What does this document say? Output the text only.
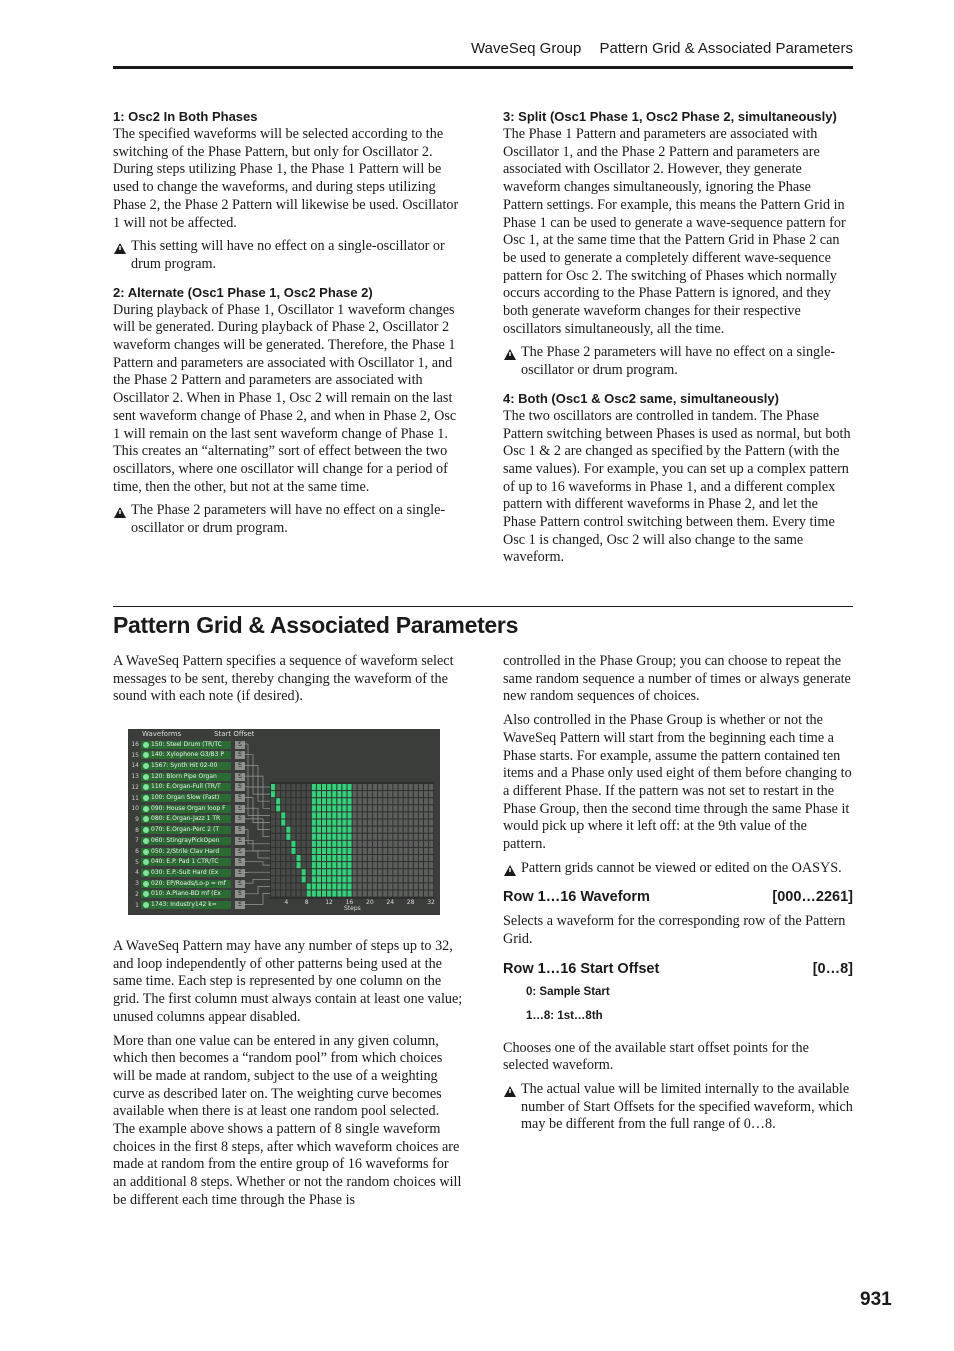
WaveSeq Group Pattern Grid & Associated Parameters
1: Osc2 In Both Phases

The specified waveforms will be selected according to the switching of the Phase Pattern, but only for Oscillator 2. During steps utilizing Phase 1, the Phase 1 Pattern will be used to change the waveforms, and during steps utilizing Phase 2, the Phase 2 Pattern will likewise be used. Oscillator 1 will not be affected.

This setting will have no effect on a single-oscillator or drum program.
2: Alternate (Osc1 Phase 1, Osc2 Phase 2)

During playback of Phase 1, Oscillator 1 waveform changes will be generated. During playback of Phase 2, Oscillator 2 waveform changes will be generated. Therefore, the Phase 1 Pattern and parameters are associated with Oscillator 1, and the Phase 2 Pattern and parameters are associated with Oscillator 2. When in Phase 1, Osc 2 will remain on the last sent waveform change of Phase 2, and when in Phase 2, Osc 1 will remain on the last sent waveform change of Phase 1. This creates an “alternating” sort of effect between the two oscillators, where one oscillator will change for a period of time, then the other, but not at the same time.

The Phase 2 parameters will have no effect on a single-oscillator or drum program.
3: Split (Osc1 Phase 1, Osc2 Phase 2, simultaneously)

The Phase 1 Pattern and parameters are associated with Oscillator 1, and the Phase 2 Pattern and parameters are associated with Oscillator 2. However, they generate waveform changes simultaneously, ignoring the Phase Pattern settings. For example, this means the Pattern Grid in Phase 1 can be used to generate a wave-sequence pattern for Osc 1, at the same time that the Pattern Grid in Phase 2 can be used to generate a completely different wave-sequence pattern for Osc 2. The switching of Phases which normally occurs according to the Phase Pattern is ignored, and they both generate waveform changes for their respective oscillators simultaneously, all the time.

The Phase 2 parameters will have no effect on a single-oscillator or drum program.
4: Both (Osc1 & Osc2 same, simultaneously)

The two oscillators are controlled in tandem. The Phase Pattern switching between Phases is used as normal, but both Osc 1 & 2 are changed as specified by the Pattern (with the same values). For example, you can set up a complex pattern of up to 16 waveforms in Phase 1, and a different complex pattern with different waveforms in Phase 2, and let the Phase Pattern control switching between them. Every time Osc 1 is changed, Osc 2 will also change to the same waveform.

Pattern Grid & Associated Parameters

A WaveSeq Pattern specifies a sequence of waveform select messages to be sent, thereby changing the waveform of the sound with each note (if desired).

Waveforms	Start Offset
16	150: Steel Drum (TR/TC	S
15	140: Xylophone G3/B3 P	S
14	1567: Synth Hit 02-00	S
13	120: Blorn Pipe Organ	S
12	110: E.Organ-Full (TR/T	S
11	100: Organ Slow (Fast)	S
10	090: House Organ loop F	S
9	080: E.Organ-Jazz 1 TR	S
8	070: E.Organ-Perc 2 (T	S
7	060: StingrayPickOpen	S
6	050: 2/Strile Clav Hard	S
5	040: E.P. Pad 1 CTR/TC	S
4	030: E.P.-Suit Hard (Ex	S
3	020: EP/Roads/Lo-p = mf	S
2	010: A.Piano-BD mf (Ex	S
1	1743: Industry142 k=	S	4	8	12 16 20 24 28 32
Steps

A WaveSeq Pattern may have any number of steps up to 32, and loop independently of other patterns being used at the same time. Each step is represented by one column on the grid. The first column must always contain at least one value; unused columns appear disabled.

More than one value can be entered in any given column, which then becomes a “random pool” from which choices will be made at random, subject to the use of a weighting curve as described later on. The weighting curve becomes available when there is at least one random pool selected. The example above shows a pattern of 8 single waveform choices in the first 8 steps, after which waveform choices are made at random from the entire group of 16 waveforms for an additional 8 steps. Whether or not the random choices will be different each time through the Phase is

controlled in the Phase Group; you can choose to repeat the same random sequence a number of times or always generate new random sequences of choices.

Also controlled in the Phase Group is whether or not the WaveSeq Pattern will start from the beginning each time a Phase starts. For example, assume the pattern contained ten items and a Phase only used eight of them before changing to a different Phase. If the pattern was not set to restart in the Phase Group, then the second time through the same Phase it would pick up where it left off: at the 9th value of the pattern.

Pattern grids cannot be viewed or edited on the OASYS.
Row 1…16 Waveform	[000…2261]

Selects a waveform for the corresponding row of the Pattern Grid.

Row 1…16 Start Offset	[0…8]
0: Sample Start
1…8: 1st…8th

Chooses one of the available start offset points for the selected waveform.

The actual value will be limited internally to the available number of Start Offsets for the specified waveform, which may be different from the full range of 0…8.
931
